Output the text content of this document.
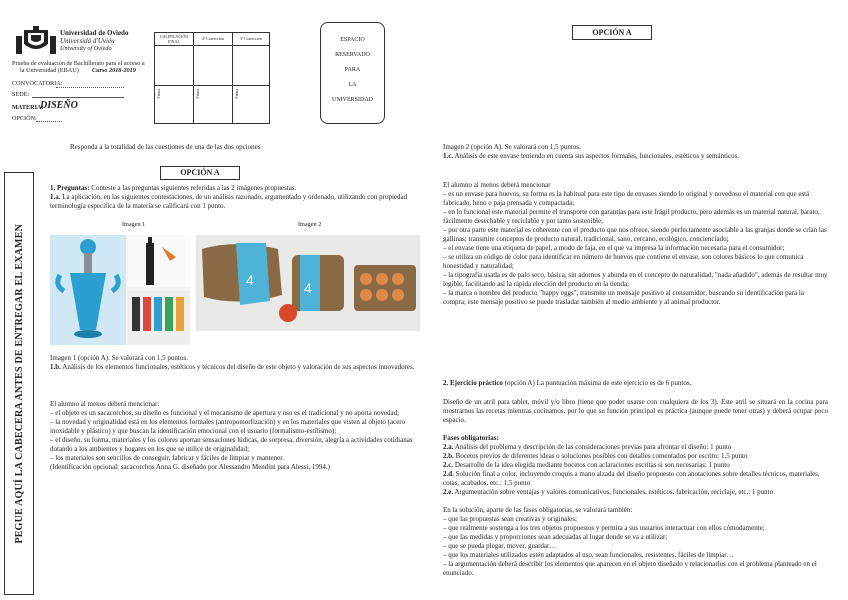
Universidad de Oviedo
Universidá d'Uviéu
University of Oviedo
Prueba de evaluación de Bachillerato para el acceso a
la Universidad (EBAU) Curso 2018-2019
CONVOCATORIA:
SEDE:
MATERIA:
DISEÑO
OPCIÓN:
CALIFICACIÓN FINAL	2ª Corrección	3ª Corrección
Firma	Firma	Firma
ESPACIO
RESERVADO
PARA
LA
UNIVERSIDAD
PEGUE AQUÍ LA CABECERA ANTES DE ENTREGAR EL EXAMEN
Responda a la totalidad de las cuestiones de una de las dos opciones
OPCIÓN A
1. Preguntas: Conteste a las preguntas siguientes referidas a las 2 imágenes propuestas.
1.a. La aplicación, en las siguientes contestaciones, de un análisis razonado, argumentado y ordenado, utilizando con propiedad terminología específica de la materia se calificará con 1 punto.
Imagen 1	Imagen 2
4	4
Imagen 1 (opción A). Se valorará con 1,5 puntos.
1.b. Análisis de los elementos funcionales, estéticos y técnicos del diseño de este objeto y valoración de sus aspectos innovadores.
El alumno al menos deberá mencionar:
– el objeto es un sacacorchos, su diseño es funcional y el mecanismo de apertura y uso es el tradicional y no aporta novedad;
– la novedad y originalidad está en los elementos formales (antropomorfización) y en los materiales que visten al objeto (acero inoxidable y plástico) y que buscan la identificación emocional con el usuario (formalismo-estilismo);
– el diseño, su forma, materiales y los colores aportan sensaciones lúdicas, de sorpresa, diversión, alegría a actividades cotidianas dotando a los ambientes y hogares en los que se utilice de originalidad;
– los materiales son sencillos de conseguir, fabricar y fáciles de limpiar y mantener.
(Identificación opcional: sacacorchos Anna G. diseñado por Alessandro Mendini para Alessi, 1994.)
OPCIÓN A
Imagen 2 (opción A). Se valorará con 1,5 puntos.
1.c. Análisis de este envase teniendo en cuenta sus aspectos formales, funcionales, estéticos y semánticos.
El alumno al menos deberá mencionar
– es un envase para huevos, su forma es la habitual para este tipo de envases siendo lo original y novedoso el material con que está fabricado, heno o paja prensada y compactada;
– en lo funcional este material permite el transporte con garantías para este frágil producto, pero además es un material natural, barato, fácilmente desechable y reciclable y por tanto sostenible;
– por otra parte este material es coherente con el producto que nos ofrece, siendo perfectamente asociable a las granjas donde se crían las gallinas; transmite conceptos de producto natural, tradicional, sano, cercano, ecológico, concienciado;
– el envase tiene una etiqueta de papel, a modo de faja, en el que va impresa la información necesaria para el consumidor;
– se utiliza un código de color para identificar en número de huevos que contiene el envase, son colores básicos lo que comunica honestidad y naturalidad;
– la tipografía usada es de palo seco, básica, sin adornos y abunda en el concepto de naturalidad, "nada añadido", además de resultar muy legible, facilitando así la rápida elección del producto en la tienda;
– la marca o nombre del producto "happy eggs", transmite un mensaje positivo al consumidor, buscando su identificación para la compra; este mensaje positivo se puede trasladar también al medio ambiente y al animal productor.
2. Ejercicio práctico (opción A) La puntuación máxima de este ejercicio es de 6 puntos.
Diseño de un atril para tablet, móvil y/o libro (tiene que poder usarse con cualquiera de los 3). Este atril se situará en la cocina para mostrarnos las recetas mientras cocinamos, por lo que su función principal es práctica (aunque puede tener otras) y deberá ocupar poco espacio.
Fases obligatorias:
2.a. Análisis del problema y descripción de las consideraciones previas para afrontar el diseño: 1 punto
2.b. Bocetos previos de diferentes ideas o soluciones posibles con detalles comentados por escrito: 1,5 punto
2.c. Desarrollo de la idea elegida mediante bocetos con aclaraciones escritas si son necesarias: 1 punto
2.d. Solución final a color, incluyendo croquis a mano alzada del diseño propuesto con anotaciones sobre detalles técnicos, materiales, cotas, acabados, etc.: 1,5 punto
2.e. Argumentación sobre ventajas y valores comunicativos, funcionales, estéticos, fabricación, reciclaje, etc.: 1 punto
En la solución, aparte de las fases obligatorias, se valorará también:
– que las propuestas sean creativas y originales;
– que realmente sostenga a los tres objetos propuestos y permita a sus usuarios interactuar con ellos cómodamente;
– que las medidas y proporciones sean adecuadas al lugar donde se va a utilizar;
– que se pueda plegar, mover, guardar…
– que los materiales utilizados estén adaptados al uso, sean funcionales, resistentes, fáciles de limpiar…
– la argumentación deberá describir los elementos que aparecen en el objeto diseñado y relacionarlos con el problema planteado en el enunciado.
